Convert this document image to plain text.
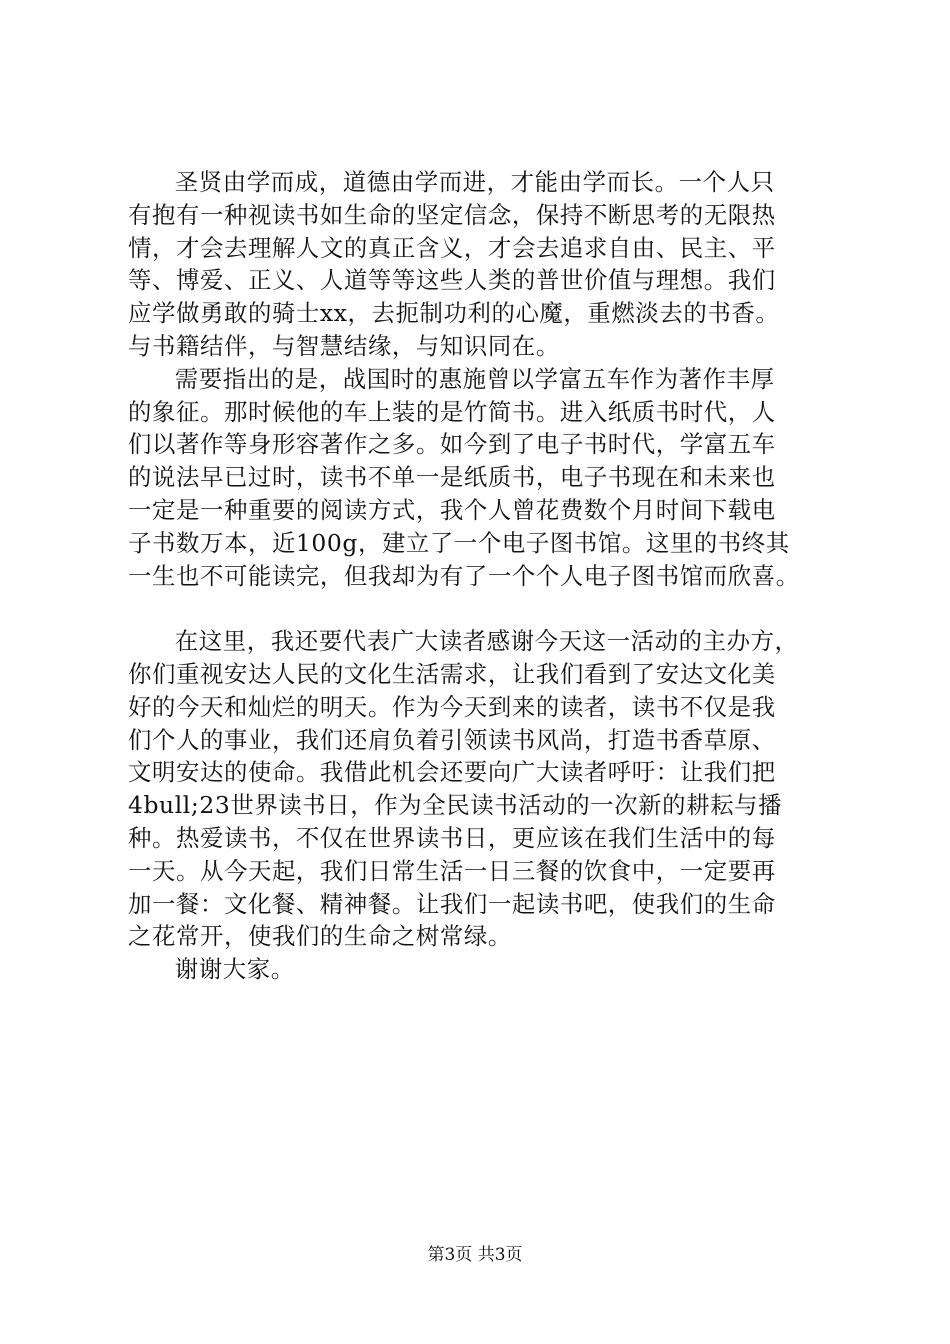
圣贤由学而成，道德由学而进，才能由学而长。一个人只
有抱有一种视读书如生命的坚定信念，保持不断思考的无限热
情，才会去理解人文的真正含义，才会去追求自由、民主、平
等、博爱、正义、人道等等这些人类的普世价值与理想。我们
应学做勇敢的骑士xx，去扼制功利的心魔，重燃淡去的书香。
与书籍结伴，与智慧结缘，与知识同在。
需要指出的是，战国时的惠施曾以学富五车作为著作丰厚
的象征。那时候他的车上装的是竹简书。进入纸质书时代，人
们以著作等身形容著作之多。如今到了电子书时代，学富五车
的说法早已过时，读书不单一是纸质书，电子书现在和未来也
一定是一种重要的阅读方式，我个人曾花费数个月时间下载电
子书数万本，近100g，建立了一个电子图书馆。这里的书终其
一生也不可能读完，但我却为有了一个个人电子图书馆而欣喜。
在这里，我还要代表广大读者感谢今天这一活动的主办方，
你们重视安达人民的文化生活需求，让我们看到了安达文化美
好的今天和灿烂的明天。作为今天到来的读者，读书不仅是我
们个人的事业，我们还肩负着引领读书风尚，打造书香草原、
文明安达的使命。我借此机会还要向广大读者呼吁：让我们把
4bull;23世界读书日，作为全民读书活动的一次新的耕耘与播
种。热爱读书，不仅在世界读书日，更应该在我们生活中的每
一天。从今天起，我们日常生活一日三餐的饮食中，一定要再
加一餐：文化餐、精神餐。让我们一起读书吧，使我们的生命
之花常开，使我们的生命之树常绿。
谢谢大家。
第3页 共3页
